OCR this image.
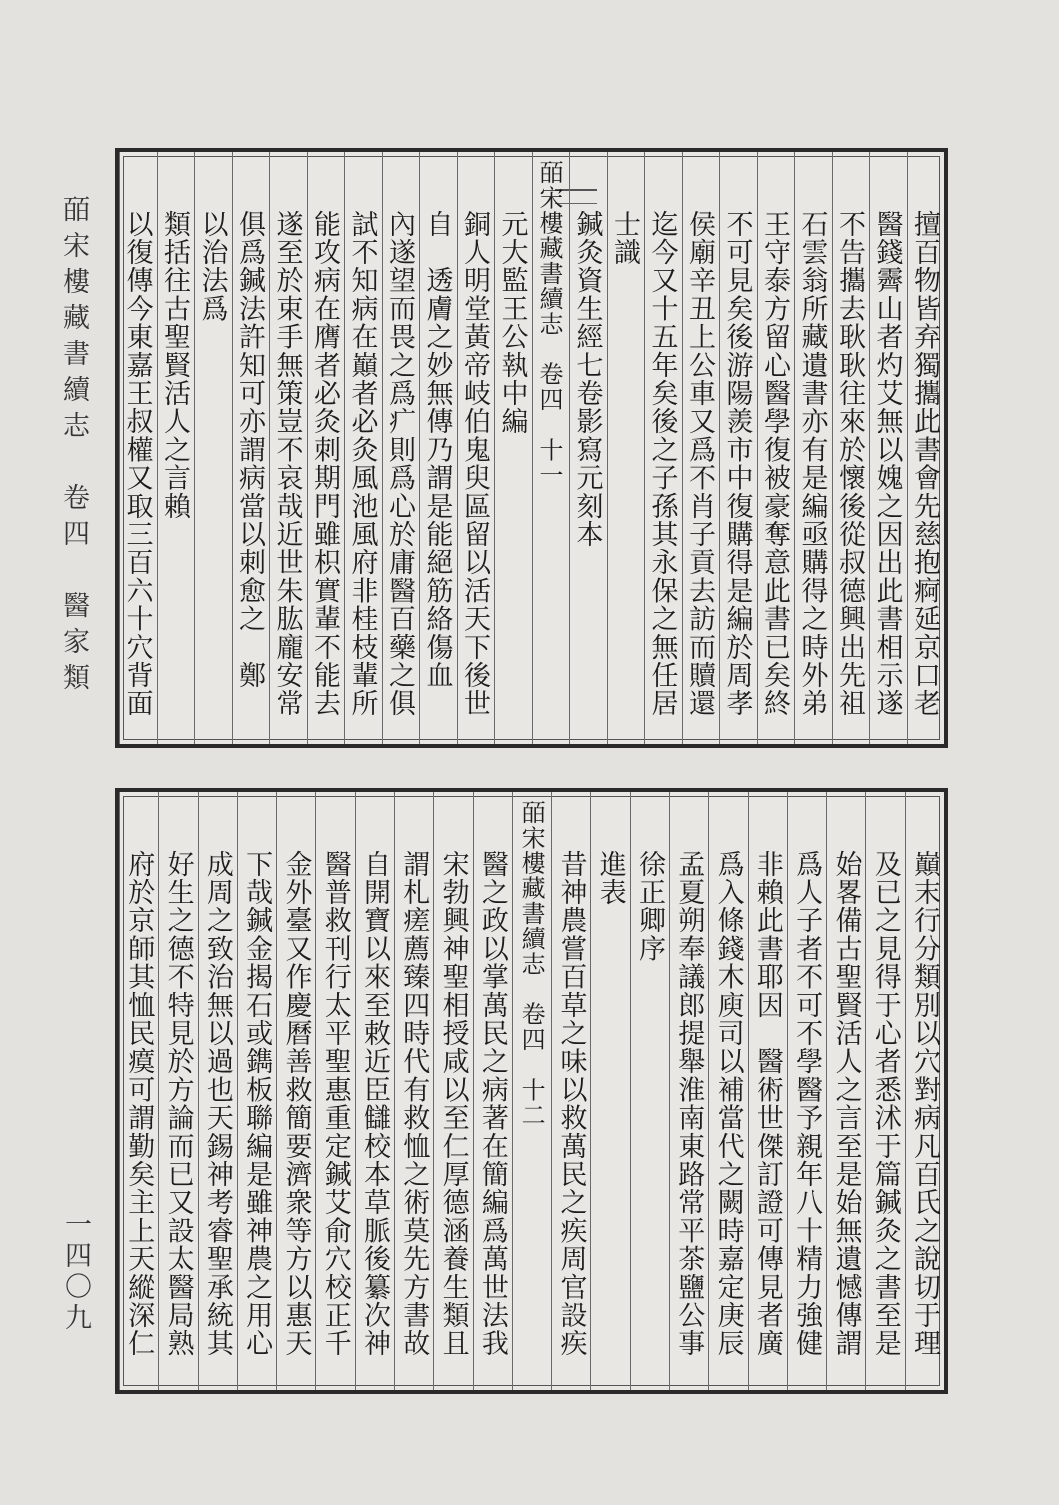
皕宋樓藏書續志　卷四　醫家類
一四〇九
擅百物皆弃獨攜此書會先慈抱痾延京口老
醫錢霽山者灼艾無以媿之因出此書相示遂
不告攜去耿耿往來於懷後從叔德興出先祖
石雲翁所藏遺書亦有是編亟購得之時外弟
王守泰方留心醫學復被豪奪意此書已矣終
不可見矣後游陽羨市中復購得是編於周孝
侯廟辛丑上公車又爲不肖子貢去訪而贖還
迄今又十五年矣後之子孫其永保之無任居
士識
鍼灸資生經七卷影寫元刻本
皕宋樓藏書續志　卷四　十一
元大監王公執中編
銅人明堂黃帝岐伯鬼臾區留以活天下後世
自　透膚之妙無傳乃謂是能絕筋絡傷血
內遂望而畏之爲疒則爲心於庸醫百藥之俱
試不知病在巔者必灸風池風府非桂枝輩所
能攻病在膺者必灸刺期門雖枳實輩不能去
遂至於束手無策豈不哀哉近世朱肱龐安常
俱爲鍼法許知可亦謂病當以刺愈之　鄭
以治法爲
類括往古聖賢活人之言賴
以復傳今東嘉王叔權又取三百六十穴背面
巔末行分類別以穴對病凡百氏之說切于理
及已之見得于心者悉沭于篇鍼灸之書至是
始畧備古聖賢活人之言至是始無遺憾傳謂
爲人子者不可不學醫予親年八十精力強健
非賴此書耶因　醫術世傑訂證可傳見者廣
爲入條錢木庾司以補當代之闕時嘉定庚辰
孟夏朔奉議郎提舉淮南東路常平茶鹽公事
徐正卿序
進表
昔神農嘗百草之味以救萬民之疾周官設疾
皕宋樓藏書續志　卷四　十二
醫之政以掌萬民之病著在簡編爲萬世法我
宋勃興神聖相授咸以至仁厚德涵養生類且
謂札瘥薦臻四時代有救恤之術莫先方書故
自開寶以來至敕近臣讎校本草脈後纂次神
醫普救刊行太平聖惠重定鍼艾俞穴校正千
金外臺又作慶曆善救簡要濟衆等方以惠天
下哉鍼金揭石或鐫板聯編是雖神農之用心
成周之致治無以過也天錫神考睿聖承統其
好生之德不特見於方論而已又設太醫局熟
府於京師其恤民瘼可謂勤矣主上天縱深仁
